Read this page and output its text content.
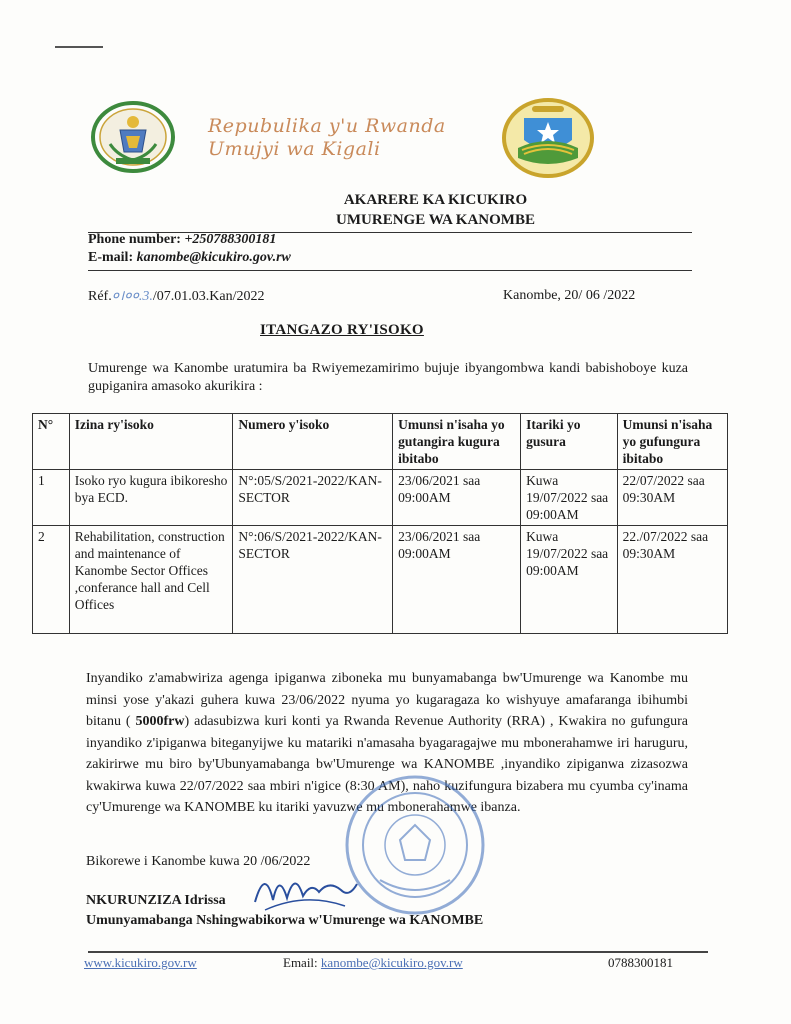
Repubulika y'u Rwanda
Umujyi wa Kigali
AKARERE KA KICUKIRO
UMURENGE WA KANOMBE
Phone number: +250788300181
E-mail: kanombe@kicukiro.gov.rw
Réf.०।००.3./07.01.03.Kan/2022	Kanombe, 20/ 06 /2022
ITANGAZO RY'ISOKO
Umurenge wa Kanombe uratumira ba Rwiyemezamirimo bujuje ibyangombwa kandi babishoboye kuza gupiganira amasoko akurikira :
N°	Izina ry'isoko	Numero y'isoko	Umunsi n'isaha yo gutangira kugura ibitabo	Itariki yo gusura	Umunsi n'isaha yo gufungura ibitabo
1	Isoko ryo kugura ibikoresho bya ECD.	N°:05/S/2021-2022/KAN-SECTOR	23/06/2021 saa 09:00AM	Kuwa 19/07/2022 saa 09:00AM	22/07/2022 saa 09:30AM
2	Rehabilitation, construction and maintenance of Kanombe Sector Offices ,conferance hall and Cell Offices	N°:06/S/2021-2022/KAN-SECTOR	23/06/2021 saa 09:00AM	Kuwa 19/07/2022 saa 09:00AM	22./07/2022 saa 09:30AM
Inyandiko z'amabwiriza agenga ipiganwa ziboneka mu bunyamabanga bw'Umurenge wa Kanombe mu minsi yose y'akazi guhera kuwa 23/06/2022 nyuma yo kugaragaza ko wishyuye amafaranga ibihumbi bitanu ( 5000frw) adasubizwa kuri konti ya Rwanda Revenue Authority (RRA) , Kwakira no gufungura inyandiko z'ipiganwa biteganyijwe ku matariki n'amasaha byagaragajwe mu mbonerahamwe iri haruguru, zakirirwe mu biro by'Ubunyamabanga bw'Umurenge wa KANOMBE ,inyandiko zipiganwa zizasozwa kwakirwa kuwa 22/07/2022 saa mbiri n'igice (8:30 AM), naho kuzifungura bizabera mu cyumba cy'inama cy'Umurenge wa KANOMBE ku itariki yavuzwe mu mbonerahamwe ibanza.
Bikorewe i Kanombe kuwa 20 /06/2022
NKURUNZIZA Idrissa
Umunyamabanga Nshingwabikorwa w'Umurenge wa KANOMBE
www.kicukiro.gov.rw	Email: kanombe@kicukiro.gov.rw	0788300181
